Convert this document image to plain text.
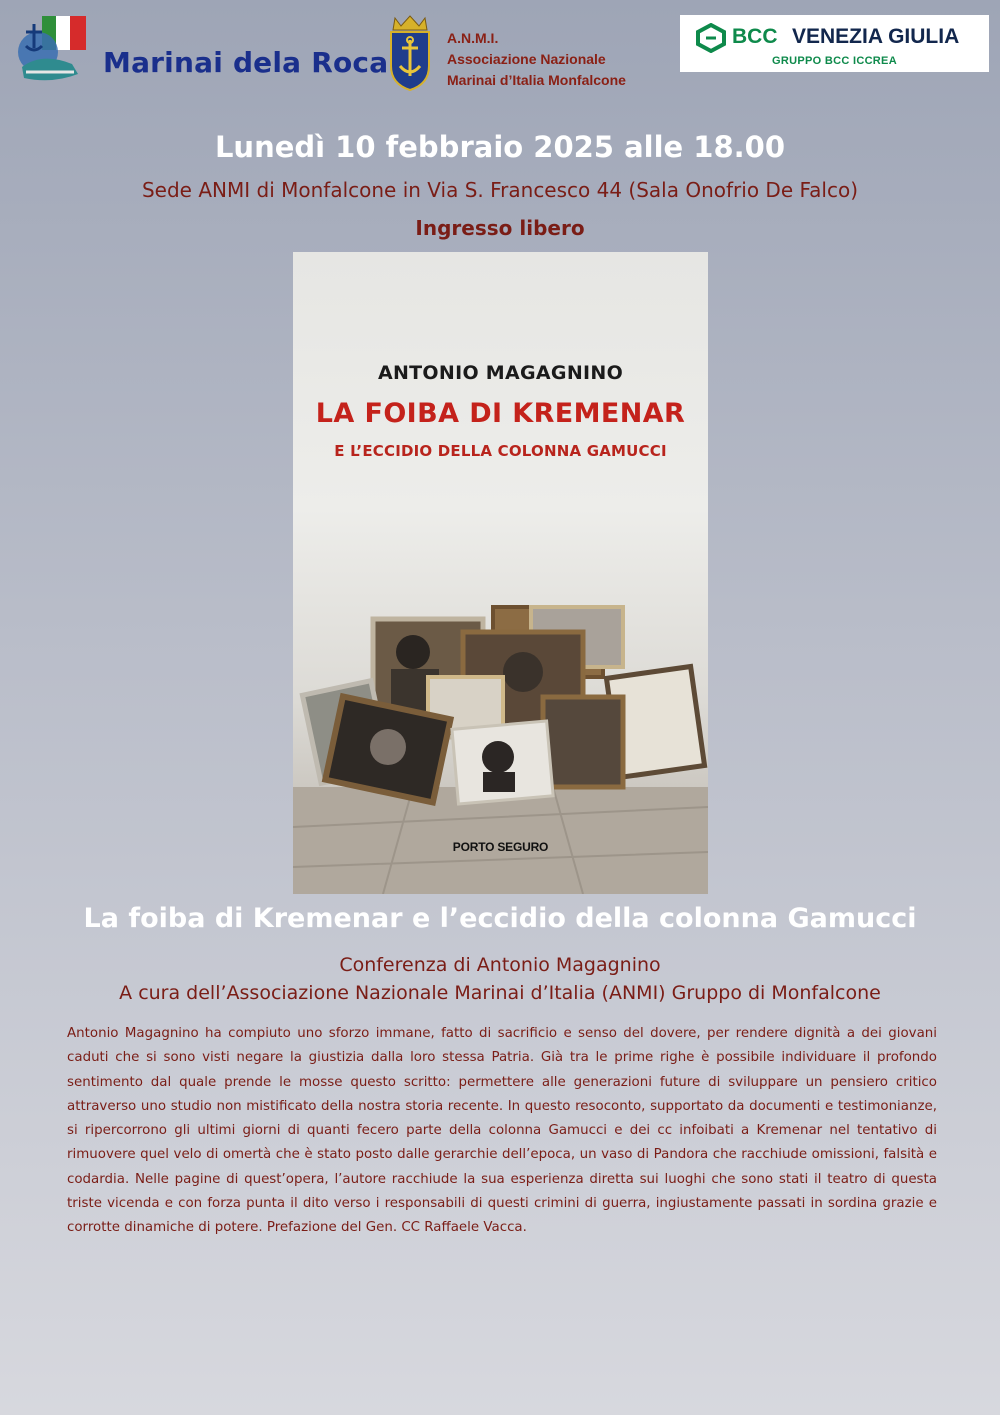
Marinai dela Roca
A.N.M.I.
Associazione Nazionale
Marinai d’Italia Monfalcone
BCC VENEZIA GIULIA
GRUPPO BCC ICCREA
Lunedì 10 febbraio 2025 alle 18.00
Sede ANMI di Monfalcone in Via S. Francesco 44 (Sala Onofrio De Falco)
Ingresso libero
ANTONIO MAGAGNINO
LA FOIBA DI KREMENAR
E L’ECCIDIO DELLA COLONNA GAMUCCI
PORTO SEGURO
La foiba di Kremenar e l’eccidio della colonna Gamucci
Conferenza di Antonio Magagnino
A cura dell’Associazione Nazionale Marinai d’Italia (ANMI) Gruppo di Monfalcone
Antonio Magagnino ha compiuto uno sforzo immane, fatto di sacrificio e senso del dovere, per rendere dignità a dei giovani caduti che si sono visti negare la giustizia dalla loro stessa Patria. Già tra le prime righe è possibile individuare il profondo sentimento dal quale prende le mosse questo scritto: permettere alle generazioni future di sviluppare un pensiero critico attraverso uno studio non mistificato della nostra storia recente. In questo resoconto, supportato da documenti e testimonianze, si ripercorrono gli ultimi giorni di quanti fecero parte della colonna Gamucci e dei cc infoibati a Kremenar nel tentativo di rimuovere quel velo di omertà che è stato posto dalle gerarchie dell’epoca, un vaso di Pandora che racchiude omissioni, falsità e codardia. Nelle pagine di quest’opera, l’autore racchiude la sua esperienza diretta sui luoghi che sono stati il teatro di questa triste vicenda e con forza punta il dito verso i responsabili di questi crimini di guerra, ingiustamente passati in sordina grazie e corrotte dinamiche di potere. Prefazione del Gen. CC Raffaele Vacca.
